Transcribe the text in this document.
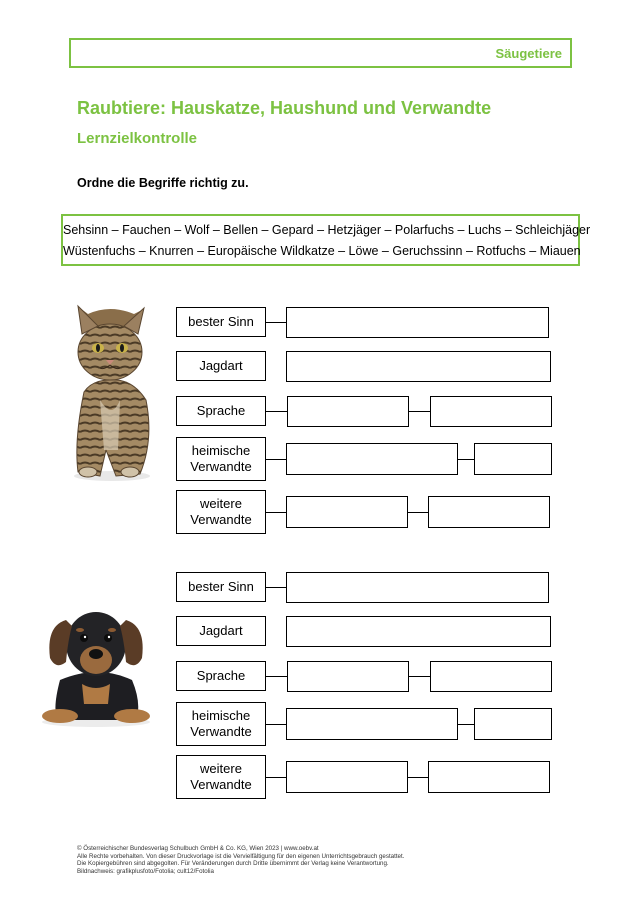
Säugetiere
Raubtiere: Hauskatze, Haushund und Verwandte
Lernzielkontrolle
Ordne die Begriffe richtig zu.
Sehsinn – Fauchen – Wolf – Bellen – Gepard – Hetzjäger – Polarfuchs – Luchs – Schleichjäger
Wüstenfuchs – Knurren – Europäische Wildkatze – Löwe – Geruchssinn – Rotfuchs – Miauen
bester Sinn
Jagdart
Sprache
heimische
Verwandte
weitere
Verwandte
bester Sinn
Jagdart
Sprache
heimische
Verwandte
weitere
Verwandte
© Österreichischer Bundesverlag Schulbuch GmbH & Co. KG, Wien 2023 | www.oebv.at
Alle Rechte vorbehalten. Von dieser Druckvorlage ist die Vervielfältigung für den eigenen Unterrichtsgebrauch gestattet.
Die Kopiergebühren sind abgegolten. Für Veränderungen durch Dritte übernimmt der Verlag keine Verantwortung.
Bildnachweis: grafikplusfoto/Fotolia; cult12/Fotolia
